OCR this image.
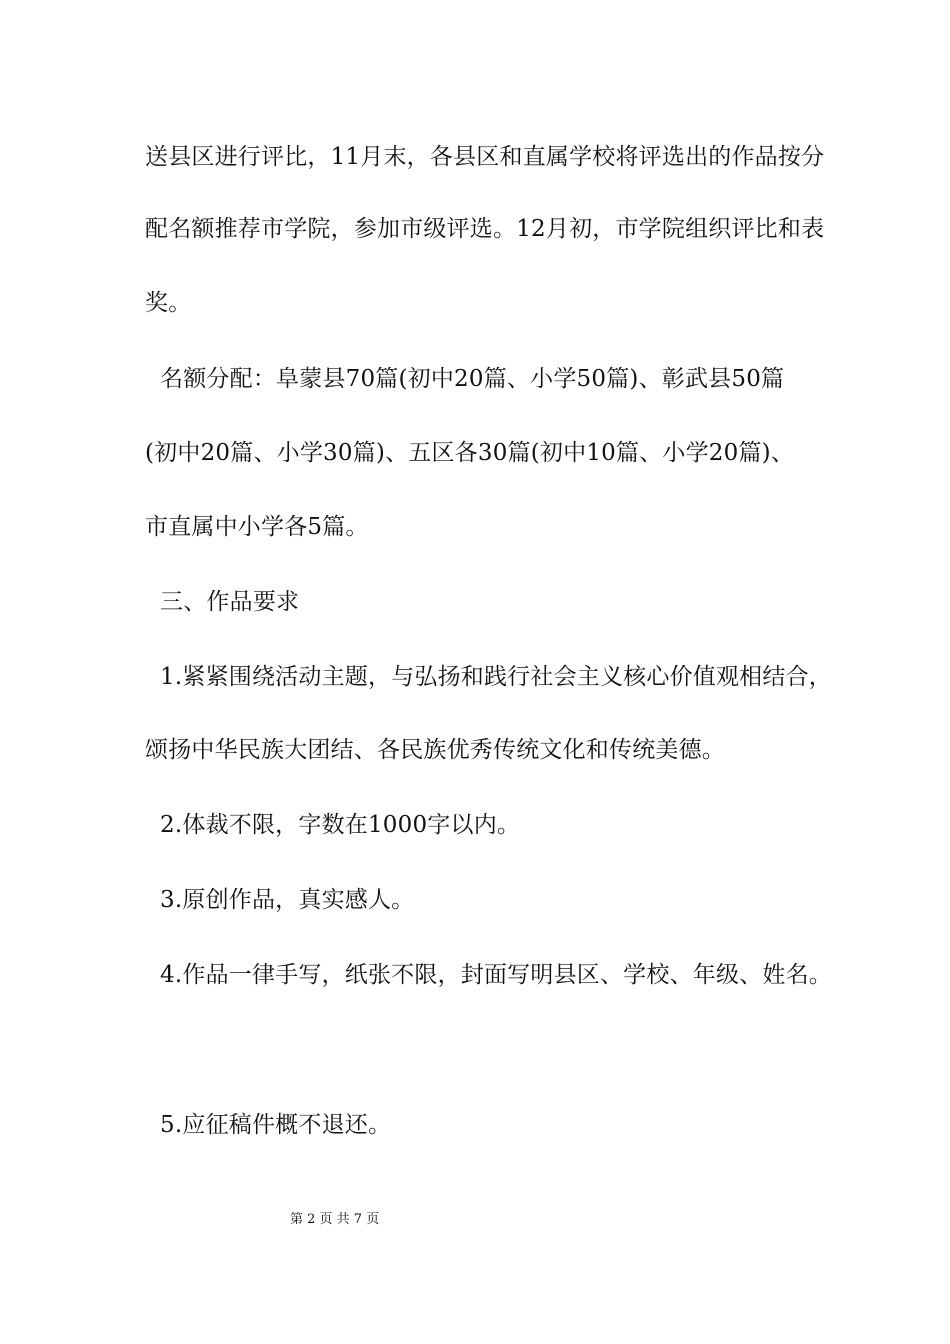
送县区进行评比，11月末，各县区和直属学校将评选出的作品按分
配名额推荐市学院，参加市级评选。12月初，市学院组织评比和表
奖。
名额分配：阜蒙县70篇(初中20篇、小学50篇)、彰武县50篇
(初中20篇、小学30篇)、五区各30篇(初中10篇、小学20篇)、
市直属中小学各5篇。
三、作品要求
1.紧紧围绕活动主题，与弘扬和践行社会主义核心价值观相结合，
颂扬中华民族大团结、各民族优秀传统文化和传统美德。
2.体裁不限，字数在1000字以内。
3.原创作品，真实感人。
4.作品一律手写，纸张不限，封面写明县区、学校、年级、姓名。
5.应征稿件概不退还。
第 2 页 共 7 页
